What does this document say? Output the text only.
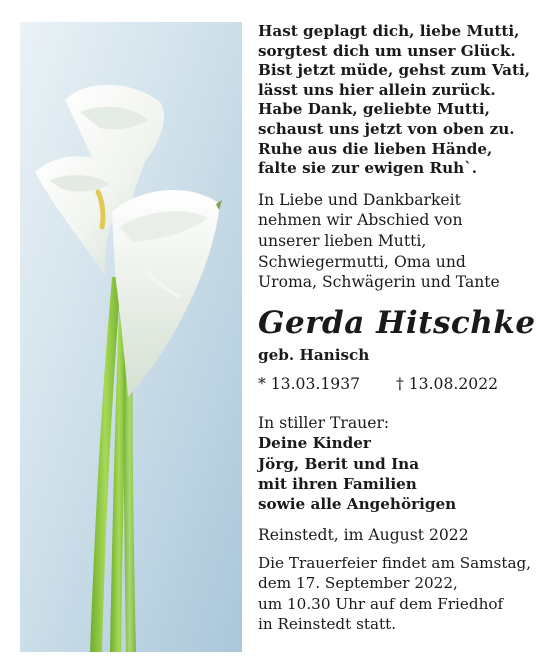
Hast geplagt dich, liebe Mutti,
sorgtest dich um unser Glück.
Bist jetzt müde, gehst zum Vati,
lässt uns hier allein zurück.
Habe Dank, geliebte Mutti,
schaust uns jetzt von oben zu.
Ruhe aus die lieben Hände,
falte sie zur ewigen Ruh`.
In Liebe und Dankbarkeit
nehmen wir Abschied von
unserer lieben Mutti,
Schwiegermutti, Oma und
Uroma, Schwägerin und Tante
Gerda Hitschke
geb. Hanisch
* 13.03.1937	† 13.08.2022
In stiller Trauer:
Deine Kinder
Jörg, Berit und Ina
mit ihren Familien
sowie alle Angehörigen
Reinstedt, im August 2022
Die Trauerfeier findet am Samstag,
dem 17. September 2022,
um 10.30 Uhr auf dem Friedhof
in Reinstedt statt.
